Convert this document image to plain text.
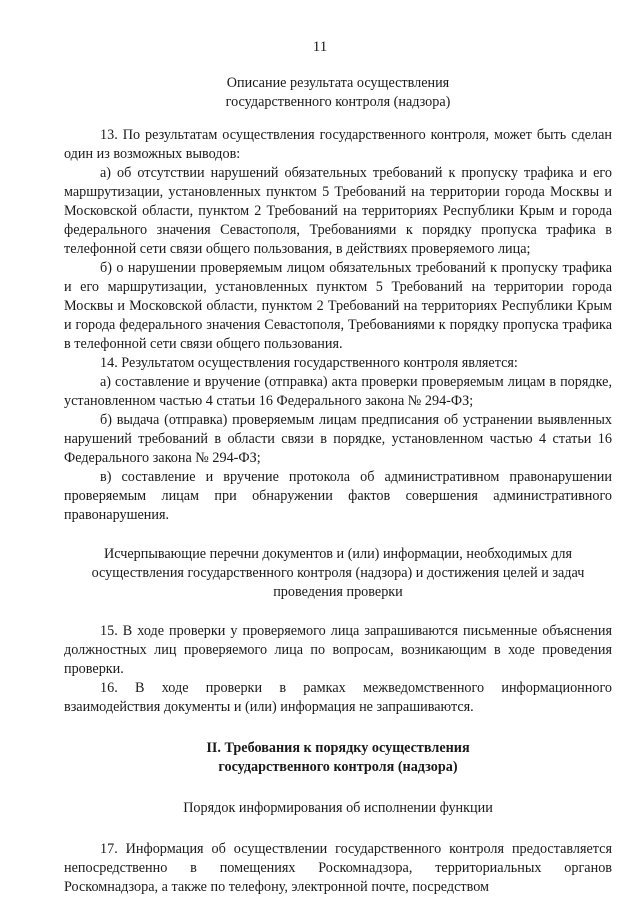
11

Описание результата осуществления

государственного контроля (надзора)

13. По результатам осуществления государственного контроля, может быть сделан один из возможных выводов:

а) об отсутствии нарушений обязательных требований к пропуску трафика и его маршрутизации, установленных пунктом 5 Требований на территории города Москвы и Московской области, пунктом 2 Требований на территориях Республики Крым и города федерального значения Севастополя, Требованиями к порядку пропуска трафика в телефонной сети связи общего пользования, в действиях проверяемого лица;

б) о нарушении проверяемым лицом обязательных требований к пропуску трафика и его маршрутизации, установленных пунктом 5 Требований на территории города Москвы и Московской области, пунктом 2 Требований на территориях Республики Крым и города федерального значения Севастополя, Требованиями к порядку пропуска трафика в телефонной сети связи общего пользования.

14. Результатом осуществления государственного контроля является:

а) составление и вручение (отправка) акта проверки проверяемым лицам в порядке, установленном частью 4 статьи 16 Федерального закона № 294-ФЗ;

б) выдача (отправка) проверяемым лицам предписания об устранении выявленных нарушений требований в области связи в порядке, установленном частью 4 статьи 16 Федерального закона № 294-ФЗ;

в) составление и вручение протокола об административном правонарушении проверяемым лицам при обнаружении фактов совершения административного правонарушения.

Исчерпывающие перечни документов и (или) информации, необходимых для

осуществления государственного контроля (надзора) и достижения целей и задач

проведения проверки

15. В ходе проверки у проверяемого лица запрашиваются письменные объяснения должностных лиц проверяемого лица по вопросам, возникающим в ходе проведения проверки.

16. В ходе проверки в рамках межведомственного информационного взаимодействия документы и (или) информация не запрашиваются.

II. Требования к порядку осуществления

государственного контроля (надзора)

Порядок информирования об исполнении функции

17. Информация об осуществлении государственного контроля предоставляется непосредственно в помещениях Роскомнадзора, территориальных органов Роскомнадзора, а также по телефону, электронной почте, посредством
